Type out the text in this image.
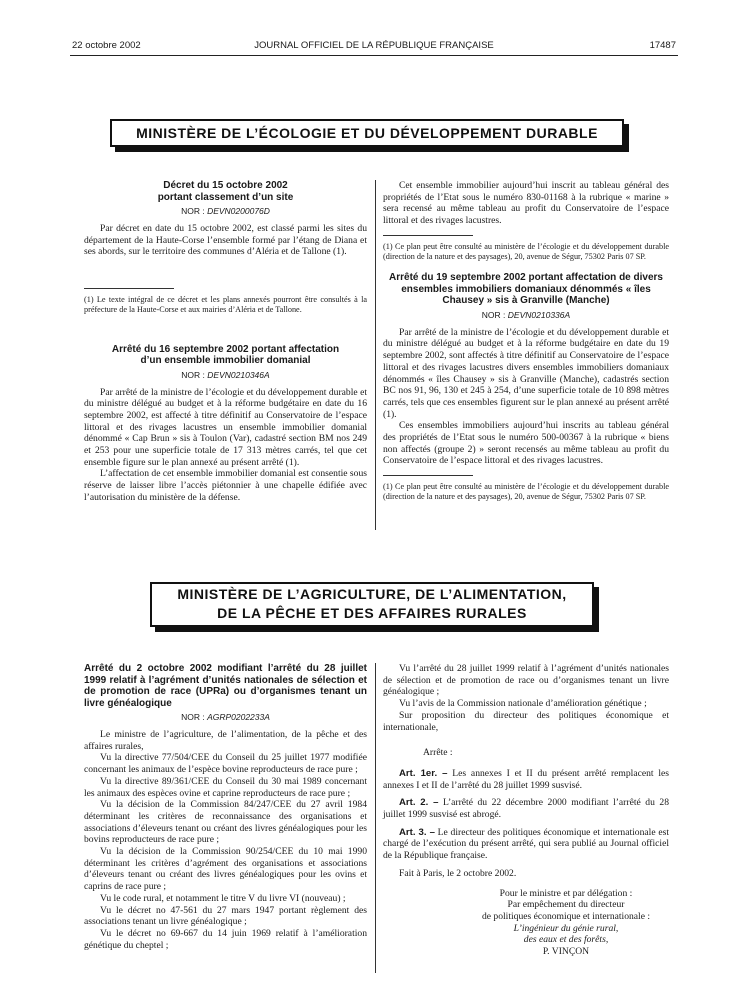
22 octobre 2002	JOURNAL OFFICIEL DE LA RÉPUBLIQUE FRANÇAISE	17487
MINISTÈRE DE L’ÉCOLOGIE ET DU DÉVELOPPEMENT DURABLE
Décret du 15 octobre 2002
portant classement d’un site
NOR : DEVN0200076D

Par décret en date du 15 octobre 2002, est classé parmi les sites du département de la Haute-Corse l’ensemble formé par l’étang de Diana et ses abords, sur le territoire des communes d’Aléria et de Tallone (1).

(1) Le texte intégral de ce décret et les plans annexés pourront être consultés à la préfecture de la Haute-Corse et aux mairies d’Aléria et de Tallone.
Arrêté du 16 septembre 2002 portant affectation
d’un ensemble immobilier domanial
NOR : DEVN0210346A

Par arrêté de la ministre de l’écologie et du développement durable et du ministre délégué au budget et à la réforme budgétaire en date du 16 septembre 2002, est affecté à titre définitif au Conservatoire de l’espace littoral et des rivages lacustres un ensemble immobilier domanial dénommé « Cap Brun » sis à Toulon (Var), cadastré section BM nos 249 et 253 pour une superficie totale de 17 313 mètres carrés, tel que cet ensemble figure sur le plan annexé au présent arrêté (1).

L’affectation de cet ensemble immobilier domanial est consentie sous réserve de laisser libre l’accès piétonnier à une chapelle édifiée avec l’autorisation du ministère de la défense.

Cet ensemble immobilier aujourd’hui inscrit au tableau général des propriétés de l’Etat sous le numéro 830-01168 à la rubrique « marine » sera recensé au même tableau au profit du Conservatoire de l’espace littoral et des rivages lacustres.

(1) Ce plan peut être consulté au ministère de l’écologie et du développement durable (direction de la nature et des paysages), 20, avenue de Ségur, 75302 Paris 07 SP.
Arrêté du 19 septembre 2002 portant affectation de divers
ensembles immobiliers domaniaux dénommés « îles
Chausey » sis à Granville (Manche)
NOR : DEVN0210336A

Par arrêté de la ministre de l’écologie et du développement durable et du ministre délégué au budget et à la réforme budgétaire en date du 19 septembre 2002, sont affectés à titre définitif au Conservatoire de l’espace littoral et des rivages lacustres divers ensembles immobiliers domaniaux dénommés « îles Chausey » sis à Granville (Manche), cadastrés section BC nos 91, 96, 130 et 245 à 254, d’une superficie totale de 10 898 mètres carrés, tels que ces ensembles figurent sur le plan annexé au présent arrêté (1).

Ces ensembles immobiliers aujourd’hui inscrits au tableau général des propriétés de l’Etat sous le numéro 500-00367 à la rubrique « biens non affectés (groupe 2) » seront recensés au même tableau au profit du Conservatoire de l’espace littoral et des rivages lacustres.

(1) Ce plan peut être consulté au ministère de l’écologie et du développement durable (direction de la nature et des paysages), 20, avenue de Ségur, 75302 Paris 07 SP.
MINISTÈRE DE L’AGRICULTURE, DE L’ALIMENTATION,
DE LA PÊCHE ET DES AFFAIRES RURALES
Arrêté du 2 octobre 2002 modifiant l’arrêté du 28 juillet 1999 relatif à l’agrément d’unités nationales de sélection et de promotion de race (UPRa) ou d’organismes tenant un livre généalogique
NOR : AGRP0202233A

Le ministre de l’agriculture, de l’alimentation, de la pêche et des affaires rurales,

Vu la directive 77/504/CEE du Conseil du 25 juillet 1977 modifiée concernant les animaux de l’espèce bovine reproducteurs de race pure ;

Vu la directive 89/361/CEE du Conseil du 30 mai 1989 concernant les animaux des espèces ovine et caprine reproducteurs de race pure ;

Vu la décision de la Commission 84/247/CEE du 27 avril 1984 déterminant les critères de reconnaissance des organisations et associations d’éleveurs tenant ou créant des livres généalogiques pour les bovins reproducteurs de race pure ;

Vu la décision de la Commission 90/254/CEE du 10 mai 1990 déterminant les critères d’agrément des organisations et associations d’éleveurs tenant ou créant des livres généalogiques pour les ovins et caprins de race pure ;

Vu le code rural, et notamment le titre V du livre VI (nouveau) ;

Vu le décret no 47-561 du 27 mars 1947 portant règlement des associations tenant un livre généalogique ;

Vu le décret no 69-667 du 14 juin 1969 relatif à l’amélioration génétique du cheptel ;

Vu l’arrêté du 28 juillet 1999 relatif à l’agrément d’unités nationales de sélection et de promotion de race ou d’organismes tenant un livre généalogique ;

Vu l’avis de la Commission nationale d’amélioration génétique ;

Sur proposition du directeur des politiques économique et internationale,

Arrête :

Art. 1er. – Les annexes I et II du présent arrêté remplacent les annexes I et II de l’arrêté du 28 juillet 1999 susvisé.

Art. 2. – L’arrêté du 22 décembre 2000 modifiant l’arrêté du 28 juillet 1999 susvisé est abrogé.

Art. 3. – Le directeur des politiques économique et internationale est chargé de l’exécution du présent arrêté, qui sera publié au Journal officiel de la République française.

Fait à Paris, le 2 octobre 2002.

Pour le ministre et par délégation :
Par empêchement du directeur
de politiques économique et internationale :
L’ingénieur du génie rural,
des eaux et des forêts,
P. VINÇON
